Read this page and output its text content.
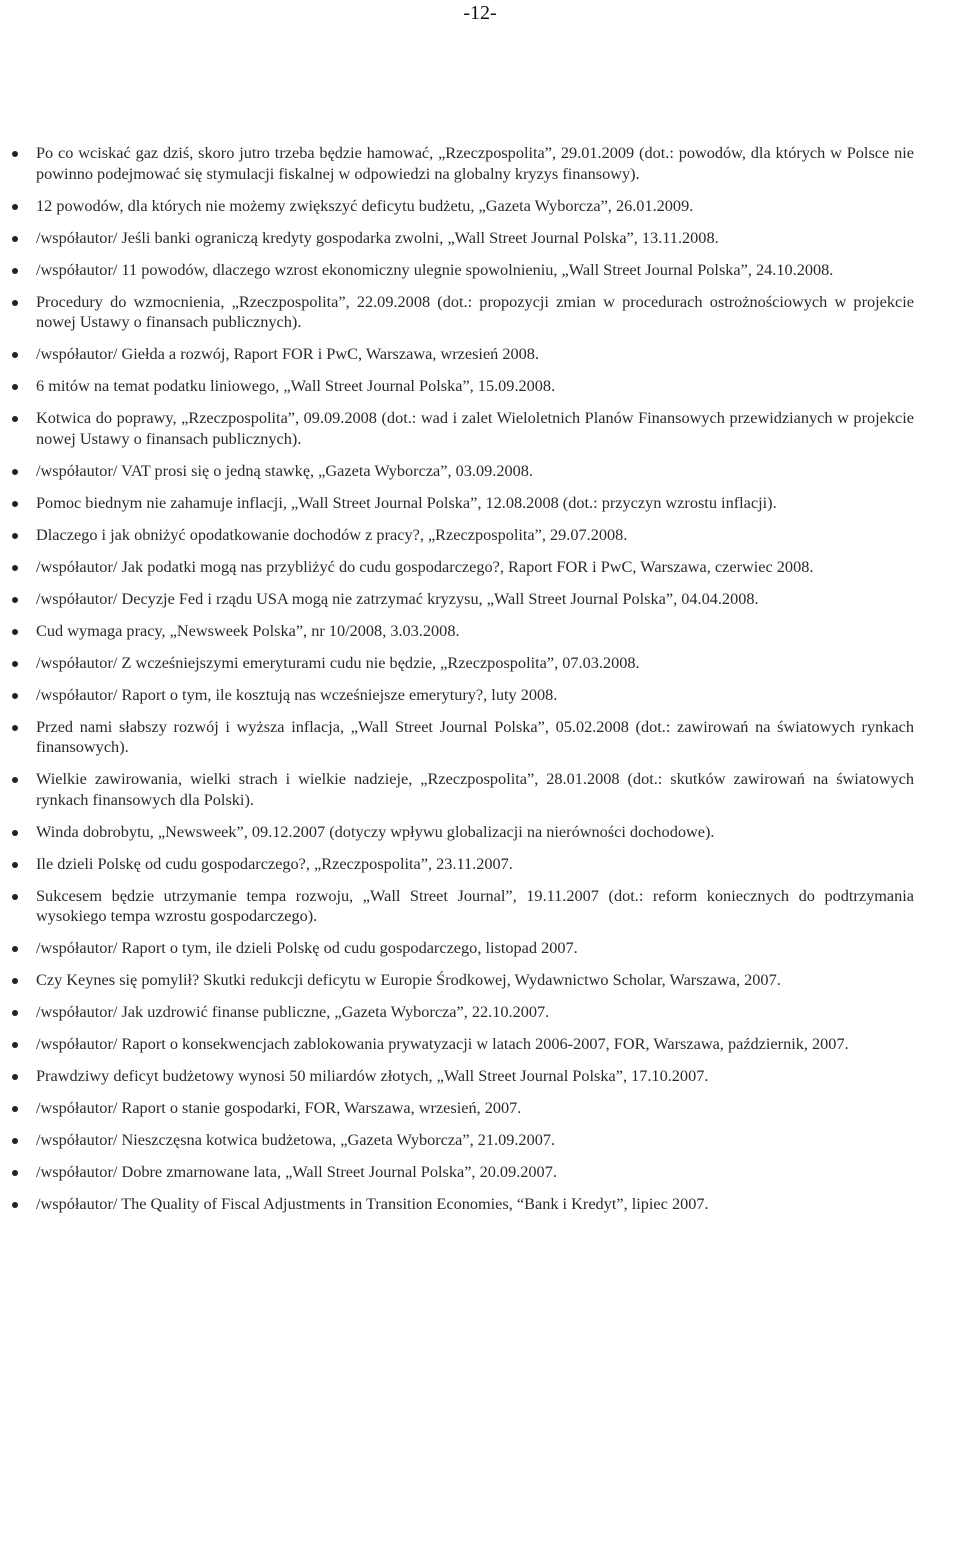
-12-
Po co wciskać gaz dziś, skoro jutro trzeba będzie hamować, „Rzeczpospolita”, 29.01.2009 (dot.: powodów, dla których w Polsce nie powinno podejmować się stymulacji fiskalnej w odpowiedzi na globalny kryzys finansowy).
12 powodów, dla których nie możemy zwiększyć deficytu budżetu, „Gazeta Wyborcza”, 26.01.2009.
/współautor/ Jeśli banki ograniczą kredyty gospodarka zwolni, „Wall Street Journal Polska”, 13.11.2008.
/współautor/ 11 powodów, dlaczego wzrost ekonomiczny ulegnie spowolnieniu, „Wall Street Journal Polska”, 24.10.2008.
Procedury do wzmocnienia, „Rzeczpospolita”, 22.09.2008 (dot.: propozycji zmian w procedurach ostrożnościowych w projekcie nowej Ustawy o finansach publicznych).
/współautor/ Giełda a rozwój, Raport FOR i PwC, Warszawa, wrzesień 2008.
6 mitów na temat podatku liniowego, „Wall Street Journal Polska”, 15.09.2008.
Kotwica do poprawy, „Rzeczpospolita”, 09.09.2008 (dot.: wad i zalet Wieloletnich Planów Finansowych przewidzianych w projekcie nowej Ustawy o finansach publicznych).
/współautor/ VAT prosi się o jedną stawkę, „Gazeta Wyborcza”, 03.09.2008.
Pomoc biednym nie zahamuje inflacji, „Wall Street Journal Polska”, 12.08.2008 (dot.: przyczyn wzrostu inflacji).
Dlaczego i jak obniżyć opodatkowanie dochodów z pracy?, „Rzeczpospolita”, 29.07.2008.
/współautor/ Jak podatki mogą nas przybliżyć do cudu gospodarczego?, Raport FOR i PwC, Warszawa, czerwiec 2008.
/współautor/ Decyzje Fed i rządu USA mogą nie zatrzymać kryzysu, „Wall Street Journal Polska”, 04.04.2008.
Cud wymaga pracy, „Newsweek Polska”, nr 10/2008, 3.03.2008.
/współautor/ Z wcześniejszymi emeryturami cudu nie będzie, „Rzeczpospolita”, 07.03.2008.
/współautor/ Raport o tym, ile kosztują nas wcześniejsze emerytury?, luty 2008.
Przed nami słabszy rozwój i wyższa inflacja, „Wall Street Journal Polska”, 05.02.2008 (dot.: zawirowań na światowych rynkach finansowych).
Wielkie zawirowania, wielki strach i wielkie nadzieje, „Rzeczpospolita”, 28.01.2008 (dot.: skutków zawirowań na światowych rynkach finansowych dla Polski).
Winda dobrobytu, „Newsweek”, 09.12.2007 (dotyczy wpływu globalizacji na nierówności dochodowe).
Ile dzieli Polskę od cudu gospodarczego?, „Rzeczpospolita”, 23.11.2007.
Sukcesem będzie utrzymanie tempa rozwoju, „Wall Street Journal”, 19.11.2007 (dot.: reform koniecznych do podtrzymania wysokiego tempa wzrostu gospodarczego).
/współautor/ Raport o tym, ile dzieli Polskę od cudu gospodarczego, listopad 2007.
Czy Keynes się pomylił? Skutki redukcji deficytu w Europie Środkowej, Wydawnictwo Scholar, Warszawa, 2007.
/współautor/ Jak uzdrowić finanse publiczne, „Gazeta Wyborcza”, 22.10.2007.
/współautor/ Raport o konsekwencjach zablokowania prywatyzacji w latach 2006-2007, FOR, Warszawa, październik, 2007.
Prawdziwy deficyt budżetowy wynosi 50 miliardów złotych, „Wall Street Journal Polska”, 17.10.2007.
/współautor/ Raport o stanie gospodarki, FOR, Warszawa, wrzesień, 2007.
/współautor/ Nieszczęsna kotwica budżetowa, „Gazeta Wyborcza”, 21.09.2007.
/współautor/ Dobre zmarnowane lata, „Wall Street Journal Polska”, 20.09.2007.
/współautor/ The Quality of Fiscal Adjustments in Transition Economies, “Bank i Kredyt”, lipiec 2007.
